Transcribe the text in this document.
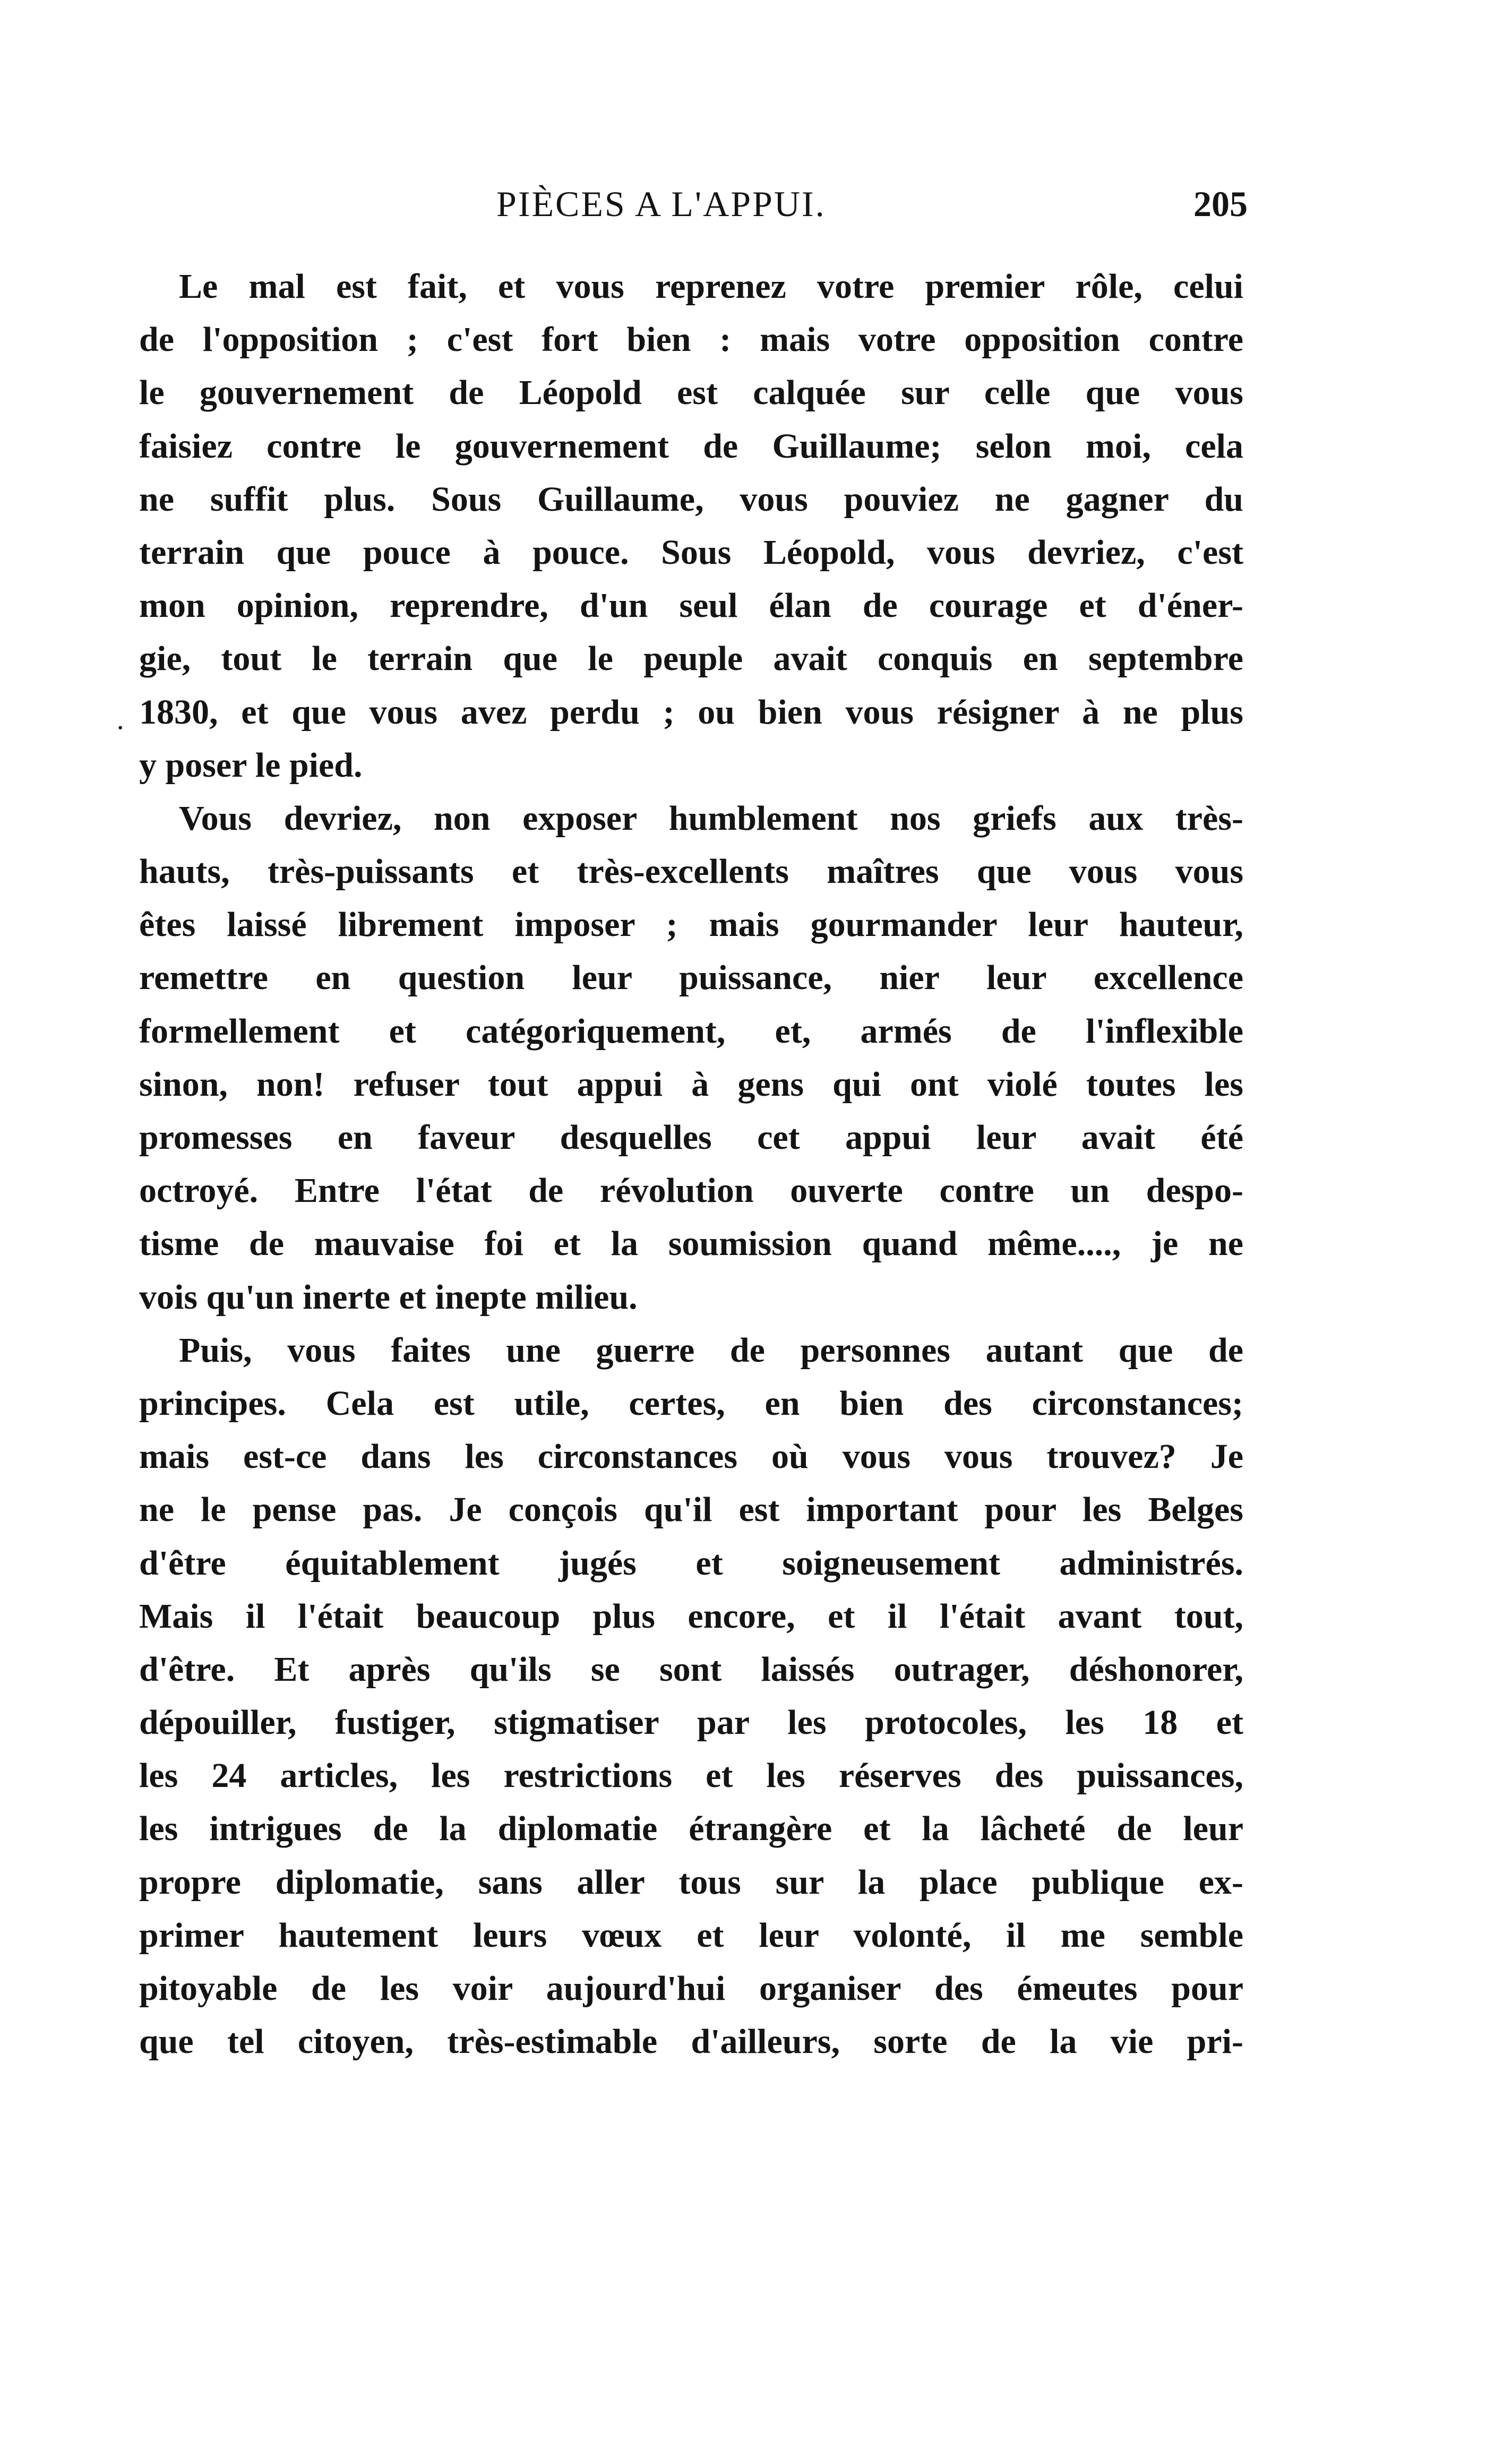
PIÈCES A L'APPUI.	205
·
Le mal est fait, et vous reprenez votre premier rôle, celui
de l'opposition ; c'est fort bien : mais votre opposition contre
le gouvernement de Léopold est calquée sur celle que vous
faisiez contre le gouvernement de Guillaume; selon moi, cela
ne suffit plus. Sous Guillaume, vous pouviez ne gagner du
terrain que pouce à pouce. Sous Léopold, vous devriez, c'est
mon opinion, reprendre, d'un seul élan de courage et d'éner-
gie, tout le terrain que le peuple avait conquis en septembre
1830, et que vous avez perdu ; ou bien vous résigner à ne plus
y poser le pied.
Vous devriez, non exposer humblement nos griefs aux très-
hauts, très-puissants et très-excellents maîtres que vous vous
êtes laissé librement imposer ; mais gourmander leur hauteur,
remettre en question leur puissance, nier leur excellence
formellement et catégoriquement, et, armés de l'inflexible
sinon, non! refuser tout appui à gens qui ont violé toutes les
promesses en faveur desquelles cet appui leur avait été
octroyé. Entre l'état de révolution ouverte contre un despo-
tisme de mauvaise foi et la soumission quand même...., je ne
vois qu'un inerte et inepte milieu.
Puis, vous faites une guerre de personnes autant que de
principes. Cela est utile, certes, en bien des circonstances;
mais est-ce dans les circonstances où vous vous trouvez? Je
ne le pense pas. Je conçois qu'il est important pour les Belges
d'être équitablement jugés et soigneusement administrés.
Mais il l'était beaucoup plus encore, et il l'était avant tout,
d'être. Et après qu'ils se sont laissés outrager, déshonorer,
dépouiller, fustiger, stigmatiser par les protocoles, les 18 et
les 24 articles, les restrictions et les réserves des puissances,
les intrigues de la diplomatie étrangère et la lâcheté de leur
propre diplomatie, sans aller tous sur la place publique ex-
primer hautement leurs vœux et leur volonté, il me semble
pitoyable de les voir aujourd'hui organiser des émeutes pour
que tel citoyen, très-estimable d'ailleurs, sorte de la vie pri-
